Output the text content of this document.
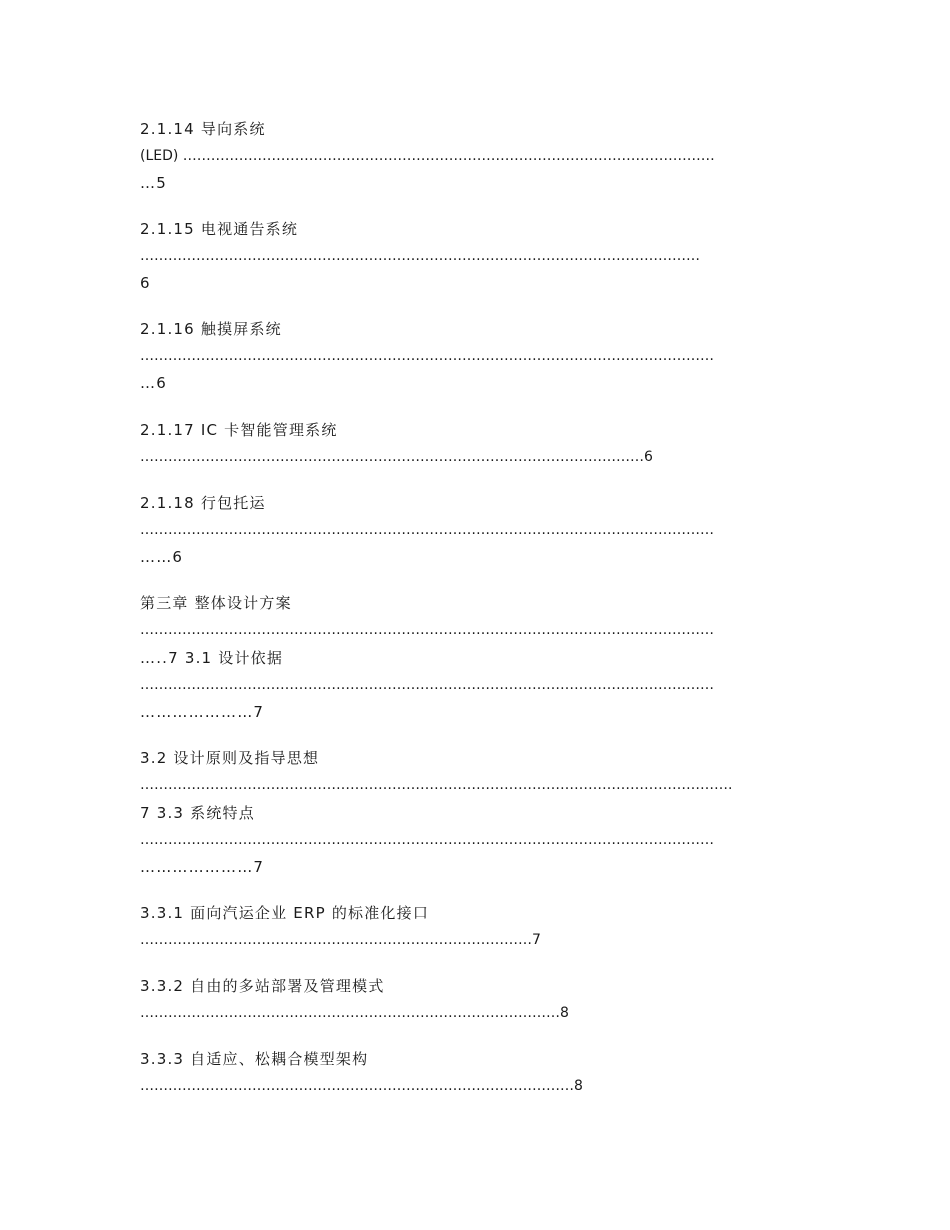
2.1.14 导向系统
(LED) ……………………………………………………………………………………………………
…5
2.1.15 电视通告系统
…………………………………………………………………………………………………………
6
2.1.16 触摸屏系统
……………………………………………………………………………………………………………
…6
2.1.17 IC 卡智能管理系统
………………………………………………………………………………………………6
2.1.18 行包托运
……………………………………………………………………………………………………………
……6
第三章 整体设计方案
……………………………………………………………………………………………………………
…..7 3.1 设计依据
……………………………………………………………………………………………………………
…………………7
3.2 设计原则及指导思想
……………………………………………………………………………………………………………….
7 3.3 系统特点
……………………………………………………………………………………………………………
…………………7
3.3.1 面向汽运企业 ERP 的标准化接口
…………………………………………………………………………7
3.3.2 自由的多站部署及管理模式
………………………………………………………………………………8
3.3.3 自适应、松耦合模型架构
…………………………………………………………………………………8
